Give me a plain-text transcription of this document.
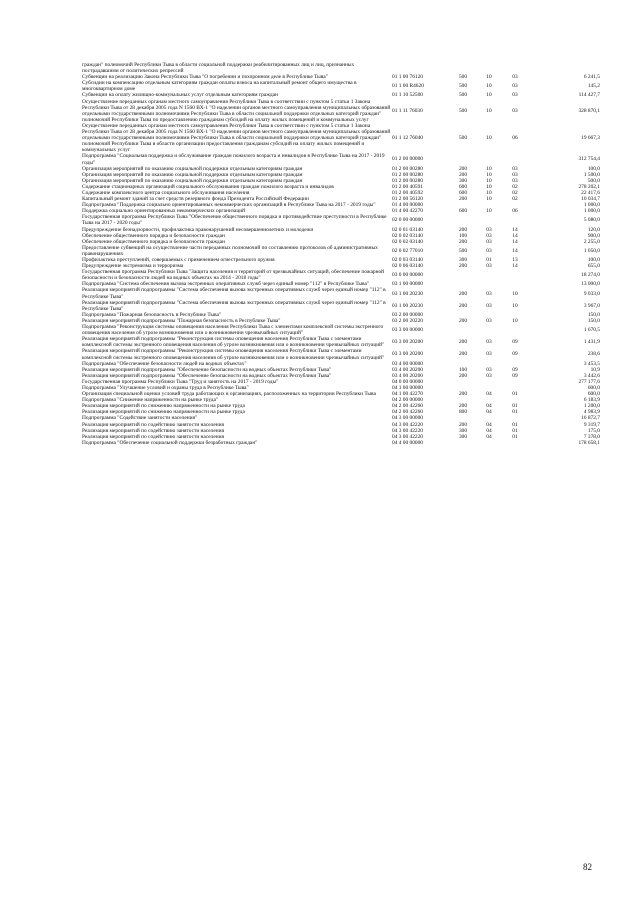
граждан" полномочий Республики Тыва в области социальной поддержки реабилитированных лиц и лиц, признанных пострадавшими от политических репрессий					
Субвенции на реализацию Закона Республики Тыва "О погребении и похоронном деле в Республике Тыва"	01 1 00 76120	500	10	03	6 241,5
Субсидии на компенсацию отдельным категориям граждан оплаты взноса на капитальный ремонт общего имущества в многоквартирном доме	01 1 00 R4620	500	10	03	145,2
Субвенции на оплату жилищно-коммунальных услуг отдельным категориям граждан	01 1 10 52500	500	10	03	114 427,7
Осуществление переданных органам местного самоуправления Республики Тыва в соответствии с пунктом 5 статьи 1 Закона Республики Тыва от 28 декабря 2005 года N 1560 ВХ-1 "О наделении органов местного самоуправления муниципальных образований отдельными государственными полномочиями Республики Тыва в области социальной поддержки отдельных категорий граждан" полномочий Республики Тыва по предоставлению гражданам субсидий на оплату жилых помещений и коммунальных услуг	01 1 11 76030	500	10	03	328 870,1
Осуществление переданных органам местного самоуправления Республики Тыва в соответствии с пунктом 5 статьи 1 Закона Республики Тыва от 28 декабря 2005 года N 1560 ВХ-1 "О наделении органов местного самоуправления муниципальных образований отдельными государственными полномочиями Республики Тыва в области социальной поддержки отдельных категорий граждан" полномочий Республики Тыва в области организации предоставления гражданам субсидий на оплату жилых помещений и коммунальных услуг	01 1 12 76040	500	10	06	19 667,3
Подпрограмма "Социальная поддержка и обслуживание граждан пожилого возраста и инвалидов в Республике Тыва на 2017 - 2019 годы"	01 2 00 00000				312 754,4
Организация мероприятий по оказанию социальной поддержки отдельным категориям граждан	01 2 00 00280	200	10	03	100,0
Организация мероприятий по оказанию социальной поддержки отдельным категориям граждан	01 2 00 00280	200	10	03	1 500,0
Организация мероприятий по оказанию социальной поддержки отдельным категориям граждан	01 2 00 00280	300	10	03	500,0
Содержание стационарных организаций социального обслуживания граждан пожилого возраста и инвалидов	01 2 00 40591	600	10	02	278 202,1
Содержание комплексного центра социального обслуживания населения	01 2 00 40592	600	10	02	22 417,6
Капитальный ремонт зданий за счет средств резервного фонда Президента Российской Федерации	01 2 00 56120	200	10	02	10 034,7
Подпрограмма "Поддержка социально ориентированных некоммерческих организаций в Республике Тыва на 2017 - 2019 годы"	01 4 00 00000				1 000,0
Поддержка социально ориентированных некоммерческих организаций	01 4 00 42270	600	10	06	1 000,0
Государственная программа Республики Тыва "Обеспечение общественного порядка и противодействие преступности в Республике Тыва на 2017 - 2020 годы"	02 0 00 00000				5 080,0
Предупреждение безнадзорности, профилактика правонарушений несовершеннолетних и молодежи	02 0 01 03140	200	03	14	120,0
Обеспечение общественного порядка и безопасности граждан	02 0 02 03140	100	03	14	900,0
Обеспечение общественного порядка и безопасности граждан	02 0 02 03140	200	03	14	2 255,0
Предоставление субвенций на осуществление части переданных полномочий по составлению протоколов об административных правонарушениях	02 0 02 77010	500	03	14	1 050,0
Профилактика преступлений, совершаемых с применением огнестрельного оружия	02 0 03 03140	300	01	13	100,0
Предупреждение экстремизма и терроризма	02 0 06 03140	200	03	14	655,0
Государственная программа Республики Тыва "Защита населения и территорий от чрезвычайных ситуаций, обеспечение пожарной безопасности и безопасности людей на водных объектах на 2014 - 2018 годы"	03 0 00 00000				18 274,0
Подпрограмма "Система обеспечения вызова экстренных оперативных служб через единый номер "112" в Республике Тыва"	03 1 00 00000				13 000,0
Реализация мероприятий подпрограммы "Система обеспечения вызова экстренных оперативных служб через единый номер "112" в Республике Тыва"	03 1 00 20230	200	03	10	9 033,0
Реализация мероприятий подпрограммы "Система обеспечения вызова экстренных оперативных служб через единый номер "112" в Республике Тыва"	03 1 00 20230	200	03	10	3 967,0
Подпрограмма "Пожарная безопасность в Республике Тыва"	03 2 00 00000				150,0
Реализация мероприятий подпрограммы "Пожарная безопасность в Республике Тыва"	03 2 00 20220	200	03	10	150,0
Подпрограмма "Реконструкция системы оповещения населения Республики Тыва с элементами комплексной системы экстренного оповещения населения об угрозе возникновения или о возникновении чрезвычайных ситуаций"	03 3 00 00000				1 670,5
Реализация мероприятий подпрограммы "Реконструкция системы оповещения населения Республики Тыва с элементами комплексной системы экстренного оповещения населения об угрозе возникновения или о возникновении чрезвычайных ситуаций"	03 3 00 20200	200	03	09	1 431,9
Реализация мероприятий подпрограммы "Реконструкция системы оповещения населения Республики Тыва с элементами комплексной системы экстренного оповещения населения об угрозе возникновения или о возникновении чрезвычайных ситуаций"	03 3 00 20200	200	03	09	238,6
Подпрограмма "Обеспечение безопасности людей на водных объектах"	03 4 00 00000				3 453,5
Реализация мероприятий подпрограммы "Обеспечение безопасности на водных объектах Республики Тыва"	03 4 00 20200	100	03	09	10,9
Реализация мероприятий подпрограммы "Обеспечение безопасности на водных объектах Республики Тыва"	03 4 00 20200	200	03	09	3 442,6
Государственная программа Республики Тыва "Труд и занятость на 2017 - 2019 годы"	04 0 00 00000				277 177,6
Подпрограмма "Улучшение условий и охраны труда в Республике Тыва"	04 1 00 00000				600,0
Организация специальной оценки условий труда работающих в организациях, расположенных на территории Республики Тыва	04 1 00 42270	200	04	01	600,0
Подпрограмма "Снижение напряженности на рынке труда"	04 2 00 00000				6 183,9
Реализация мероприятий по снижению напряженности на рынке труда	04 2 00 42260	200	04	01	1 200,0
Реализация мероприятий по снижению напряженности на рынке труда	04 2 00 42260	800	04	01	4 983,9
Подпрограмма "Содействие занятости населения"	04 3 00 00000				16 872,7
Реализация мероприятий по содействию занятости населения	04 3 00 42220	200	04	01	9 319,7
Реализация мероприятий по содействию занятости населения	04 3 00 42220	300	04	01	175,0
Реализация мероприятий по содействию занятости населения	04 3 00 42220	300	04	01	7 378,0
Подпрограмма "Обеспечение социальной поддержки безработных граждан"	04 4 00 00000				178 658,1
82
